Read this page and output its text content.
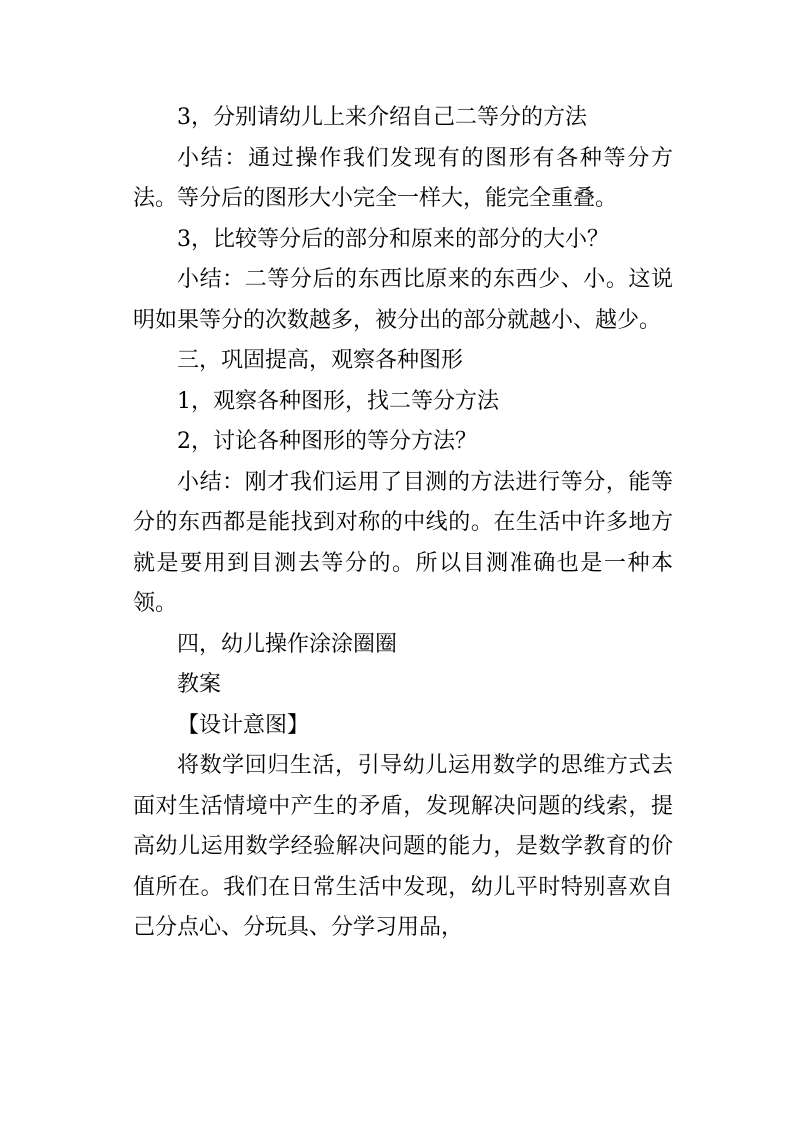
3，分别请幼儿上来介绍自己二等分的方法

小结：通过操作我们发现有的图形有各种等分方法。等分后的图形大小完全一样大，能完全重叠。

3，比较等分后的部分和原来的部分的大小？

小结：二等分后的东西比原来的东西少、小。这说明如果等分的次数越多，被分出的部分就越小、越少。

三，巩固提高，观察各种图形

1，观察各种图形，找二等分方法

2，讨论各种图形的等分方法？

小结：刚才我们运用了目测的方法进行等分，能等分的东西都是能找到对称的中线的。在生活中许多地方就是要用到目测去等分的。所以目测准确也是一种本领。

四，幼儿操作涂涂圈圈

教案

【设计意图】

将数学回归生活，引导幼儿运用数学的思维方式去面对生活情境中产生的矛盾，发现解决问题的线索，提高幼儿运用数学经验解决问题的能力，是数学教育的价值所在。我们在日常生活中发现，幼儿平时特别喜欢自己分点心、分玩具、分学习用品，
